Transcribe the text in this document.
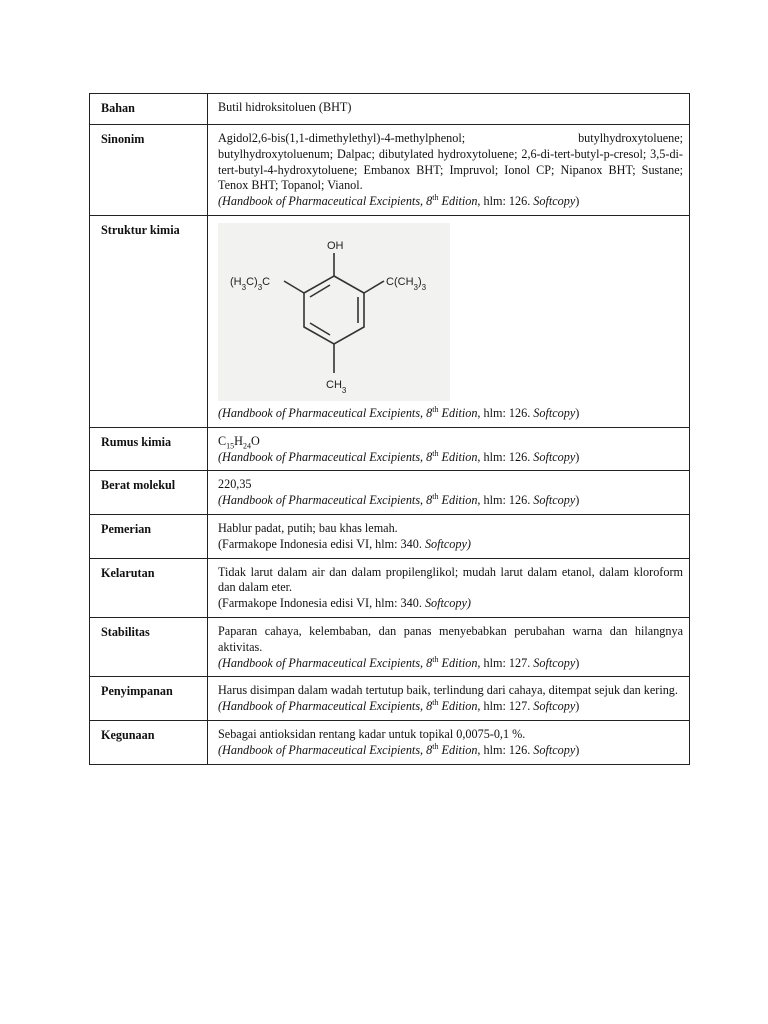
Bahan	Butil hidroksitoluen (BHT)

Sinonim	Agidol2,6-bis(1,1-dimethylethyl)-4-methylphenol; butylhydroxytoluene; butylhydroxytoluenum; Dalpac; dibutylated hydroxytoluene; 2,6-di-tert-butyl-p-cresol; 3,5-di-tert-butyl-4-hydroxytoluene; Embanox BHT; Impruvol; Ionol CP; Nipanox BHT; Sustane; Tenox BHT; Topanol; Vianol.
(Handbook of Pharmaceutical Excipients, 8th Edition, hlm: 126. Softcopy)

Struktur kimia	OH
$(H_3C)_3C$ $C(CH_3)_3$
$CH_3$
(Handbook of Pharmaceutical Excipients, 8th Edition, hlm: 126. Softcopy)

Rumus kimia	$C_{15}H_{24}O$
(Handbook of Pharmaceutical Excipients, 8th Edition, hlm: 126. Softcopy)

Berat molekul	220,35
(Handbook of Pharmaceutical Excipients, 8th Edition, hlm: 126. Softcopy)

Pemerian	Hablur padat, putih; bau khas lemah.
(Farmakope Indonesia edisi VI, hlm: 340. Softcopy)

Kelarutan	Tidak larut dalam air dan dalam propilenglikol; mudah larut dalam etanol, dalam kloroform dan dalam eter.
(Farmakope Indonesia edisi VI, hlm: 340. Softcopy)

Stabilitas	Paparan cahaya, kelembaban, dan panas menyebabkan perubahan warna dan hilangnya aktivitas.
(Handbook of Pharmaceutical Excipients, 8th Edition, hlm: 127. Softcopy)

Penyimpanan	Harus disimpan dalam wadah tertutup baik, terlindung dari cahaya, ditempat sejuk dan kering.
(Handbook of Pharmaceutical Excipients, 8th Edition, hlm: 127. Softcopy)

Kegunaan	Sebagai antioksidan rentang kadar untuk topikal 0,0075-0,1 %.
(Handbook of Pharmaceutical Excipients, 8th Edition, hlm: 126. Softcopy)
